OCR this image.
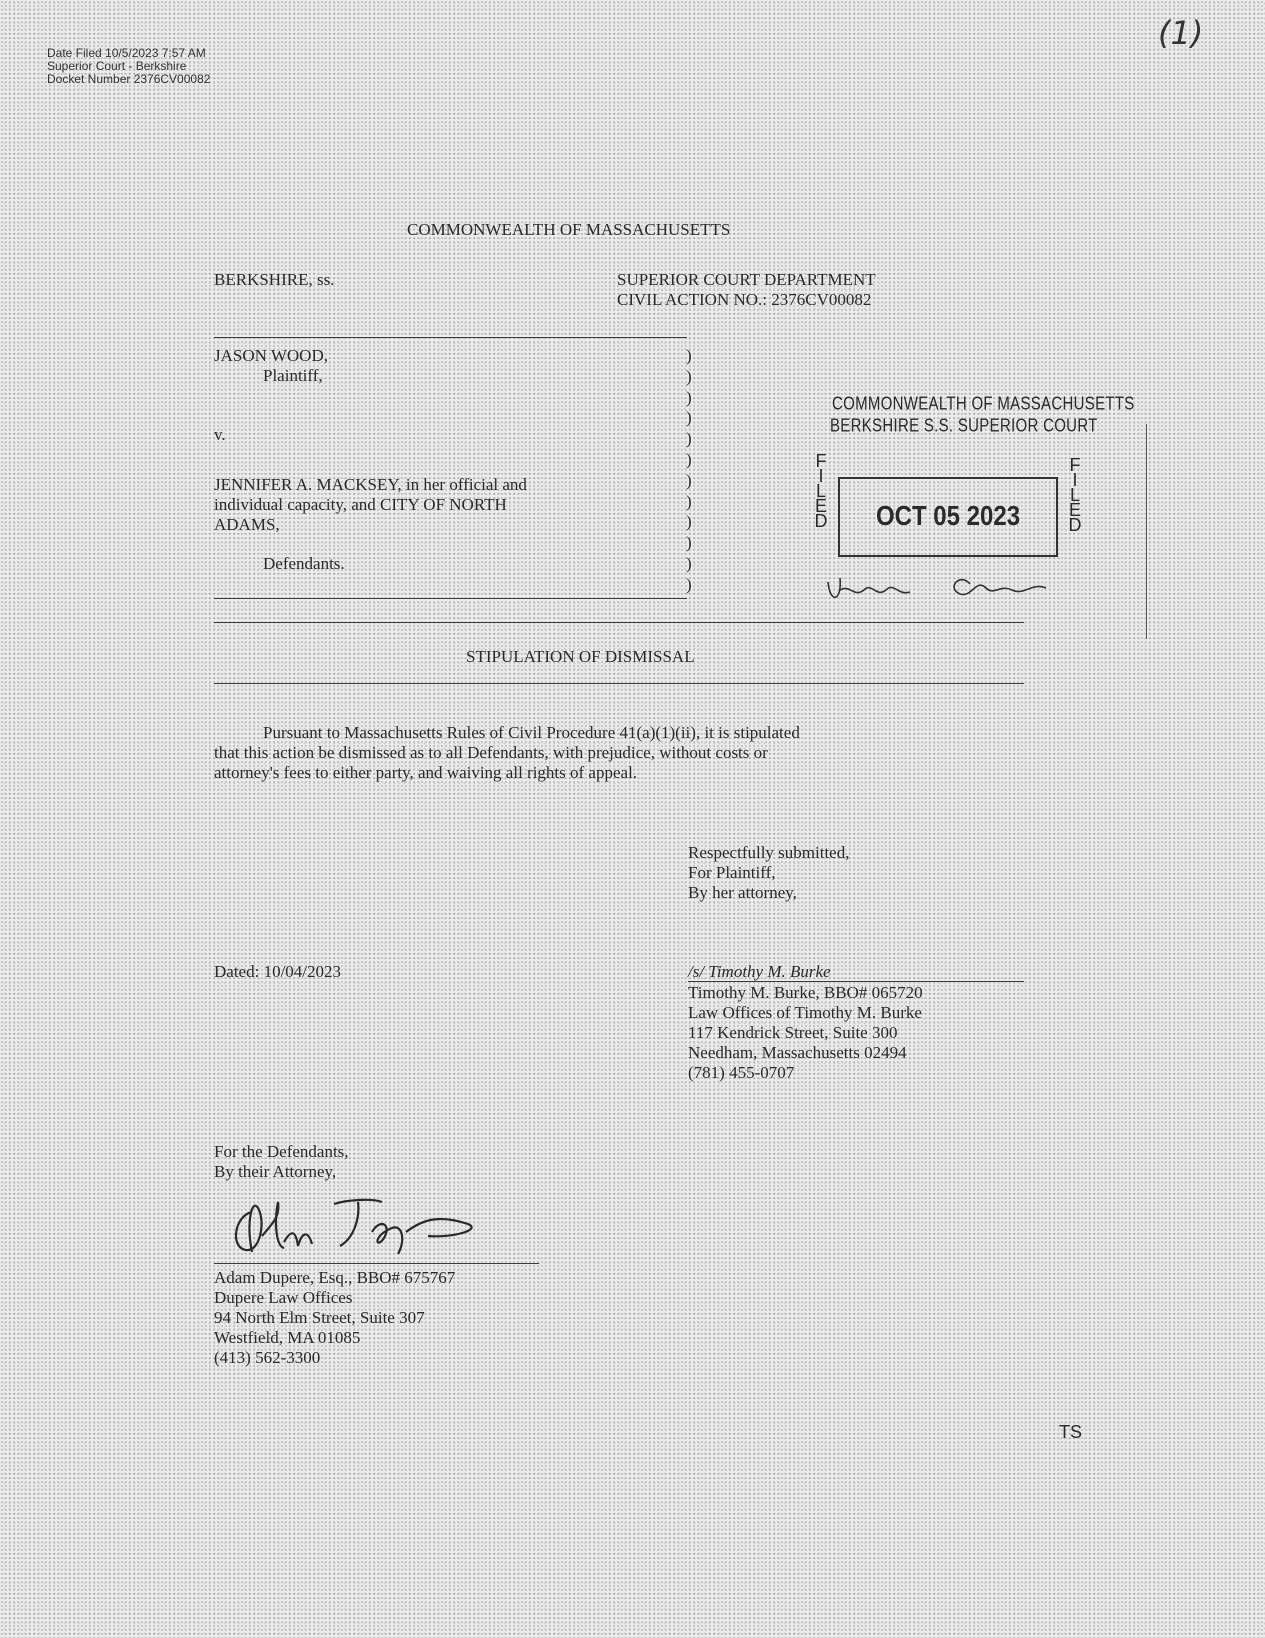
Date Filed 10/5/2023 7:57 AM
Superior Court - Berkshire
Docket Number 2376CV00082
(1)
COMMONWEALTH OF MASSACHUSETTS
BERKSHIRE, ss.	SUPERIOR COURT DEPARTMENT
CIVIL ACTION NO.: 2376CV00082
JASON WOOD,
Plaintiff,
v.
JENNIFER A. MACKSEY, in her official and
individual capacity, and CITY OF NORTH
ADAMS,
Defendants.
)
)
)
)
)
)
)
)
)
)
)
)
COMMONWEALTH OF MASSACHUSETTS
BERKSHIRE S.S. SUPERIOR COURT
F
I
L
E
D	OCT 05 2023
F
I
L
E
D
STIPULATION OF DISMISSAL
Pursuant to Massachusetts Rules of Civil Procedure 41(a)(1)(ii), it is stipulated
that this action be dismissed as to all Defendants, with prejudice, without costs or
attorney's fees to either party, and waiving all rights of appeal.
Respectfully submitted,
For Plaintiff,
By her attorney,
Dated: 10/04/2023	/s/ Timothy M. Burke
Timothy M. Burke, BBO# 065720
Law Offices of Timothy M. Burke
117 Kendrick Street, Suite 300
Needham, Massachusetts 02494
(781) 455-0707
For the Defendants,
By their Attorney,
Adam Dupere, Esq., BBO# 675767
Dupere Law Offices
94 North Elm Street, Suite 307
Westfield, MA 01085
(413) 562-3300
TS
